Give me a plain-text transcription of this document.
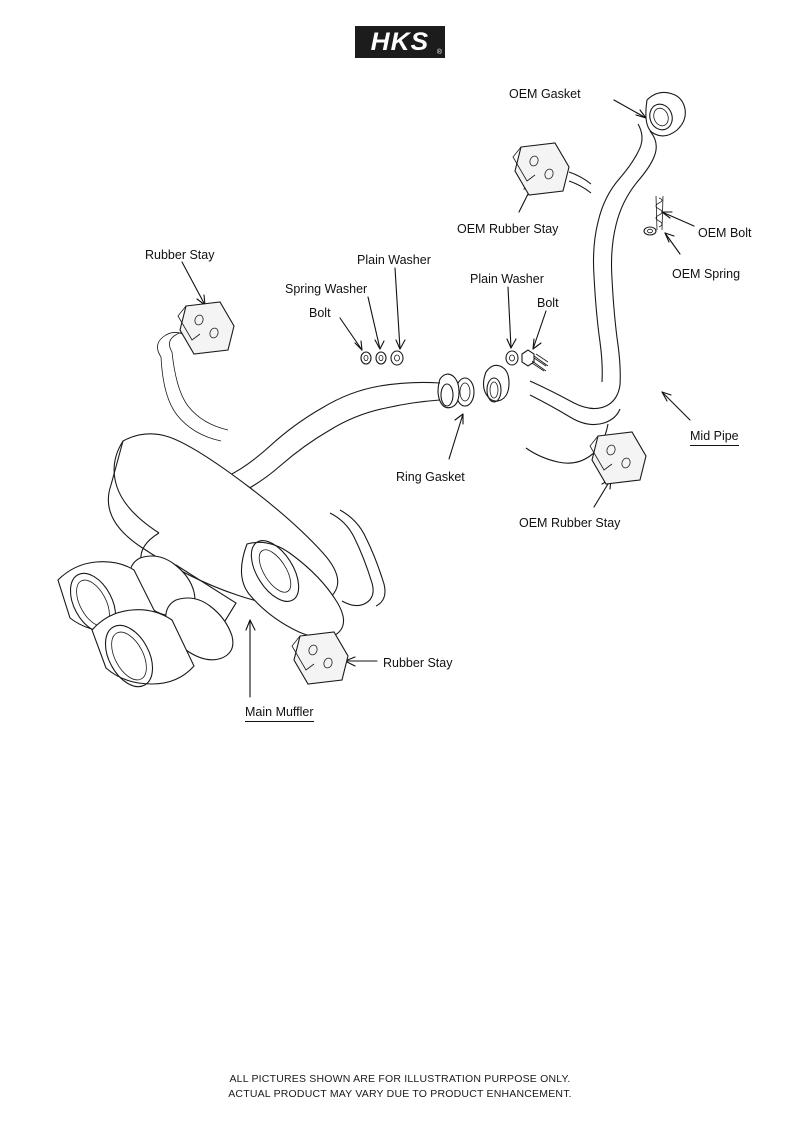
HKS ®
OEM Gasket
OEM Rubber Stay	OEM Bolt
OEM Spring
Rubber Stay	Plain Washer
Plain Washer
Spring Washer
Bolt
Bolt
Mid Pipe
Ring Gasket
OEM Rubber Stay
Rubber Stay
Main Muffler
ALL PICTURES SHOWN ARE FOR ILLUSTRATION PURPOSE ONLY.
ACTUAL PRODUCT MAY VARY DUE TO PRODUCT ENHANCEMENT.
